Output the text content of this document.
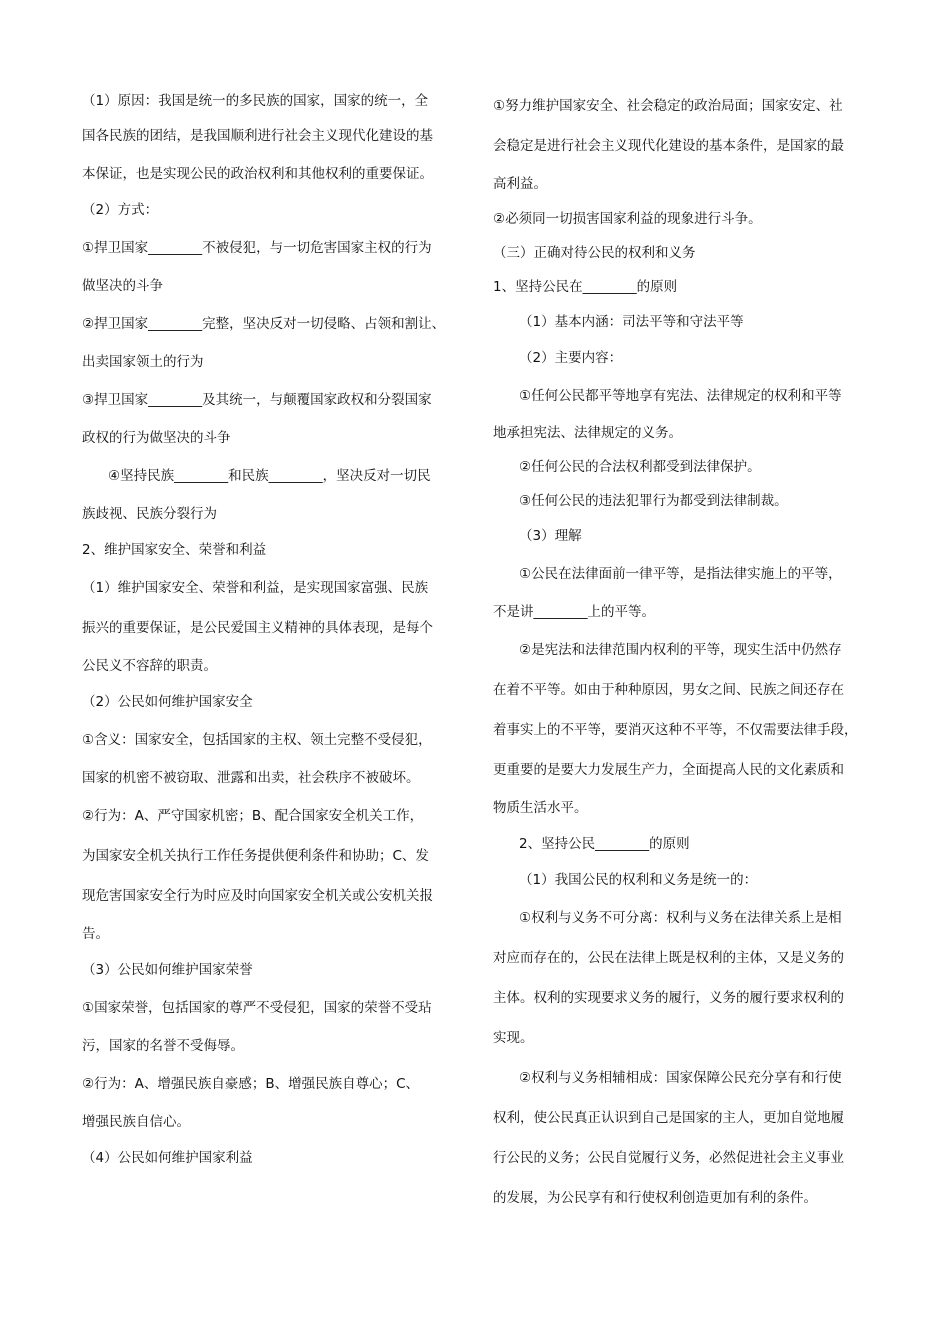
（1）原因：我国是统一的多民族的国家，国家的统一，全

国各民族的团结，是我国顺利进行社会主义现代化建设的基

本保证，也是实现公民的政治权利和其他权利的重要保证。

（2）方式：

①捍卫国家________不被侵犯，与一切危害国家主权的行为

做坚决的斗争

②捍卫国家________完整，坚决反对一切侵略、占领和割让、

出卖国家领土的行为

③捍卫国家________及其统一，与颠覆国家政权和分裂国家

政权的行为做坚决的斗争

④坚持民族________和民族________，坚决反对一切民

族歧视、民族分裂行为

2、维护国家安全、荣誉和利益

（1）维护国家安全、荣誉和利益，是实现国家富强、民族

振兴的重要保证，是公民爱国主义精神的具体表现，是每个

公民义不容辞的职责。

（2）公民如何维护国家安全

①含义：国家安全，包括国家的主权、领土完整不受侵犯，

国家的机密不被窃取、泄露和出卖，社会秩序不被破坏。

②行为：A、严守国家机密；B、配合国家安全机关工作，

为国家安全机关执行工作任务提供便利条件和协助；C、发

现危害国家安全行为时应及时向国家安全机关或公安机关报

告。

（3）公民如何维护国家荣誉

①国家荣誉，包括国家的尊严不受侵犯，国家的荣誉不受玷

污，国家的名誉不受侮辱。

②行为：A、增强民族自豪感；B、增强民族自尊心；C、

增强民族自信心。

（4）公民如何维护国家利益

①努力维护国家安全、社会稳定的政治局面；国家安定、社

会稳定是进行社会主义现代化建设的基本条件，是国家的最

高利益。

②必须同一切损害国家利益的现象进行斗争。

（三）正确对待公民的权利和义务

1、坚持公民在________的原则

（1）基本内涵：司法平等和守法平等

（2）主要内容：

①任何公民都平等地享有宪法、法律规定的权利和平等

地承担宪法、法律规定的义务。

②任何公民的合法权利都受到法律保护。

③任何公民的违法犯罪行为都受到法律制裁。

（3）理解

①公民在法律面前一律平等，是指法律实施上的平等，

不是讲________上的平等。

②是宪法和法律范围内权利的平等，现实生活中仍然存

在着不平等。如由于种种原因，男女之间、民族之间还存在

着事实上的不平等，要消灭这种不平等，不仅需要法律手段，

更重要的是要大力发展生产力，全面提高人民的文化素质和

物质生活水平。

2、坚持公民________的原则

（1）我国公民的权利和义务是统一的：

①权利与义务不可分离：权利与义务在法律关系上是相

对应而存在的，公民在法律上既是权利的主体，又是义务的

主体。权利的实现要求义务的履行，义务的履行要求权利的

实现。

②权利与义务相辅相成：国家保障公民充分享有和行使

权利，使公民真正认识到自己是国家的主人，更加自觉地履

行公民的义务；公民自觉履行义务，必然促进社会主义事业

的发展，为公民享有和行使权利创造更加有利的条件。
